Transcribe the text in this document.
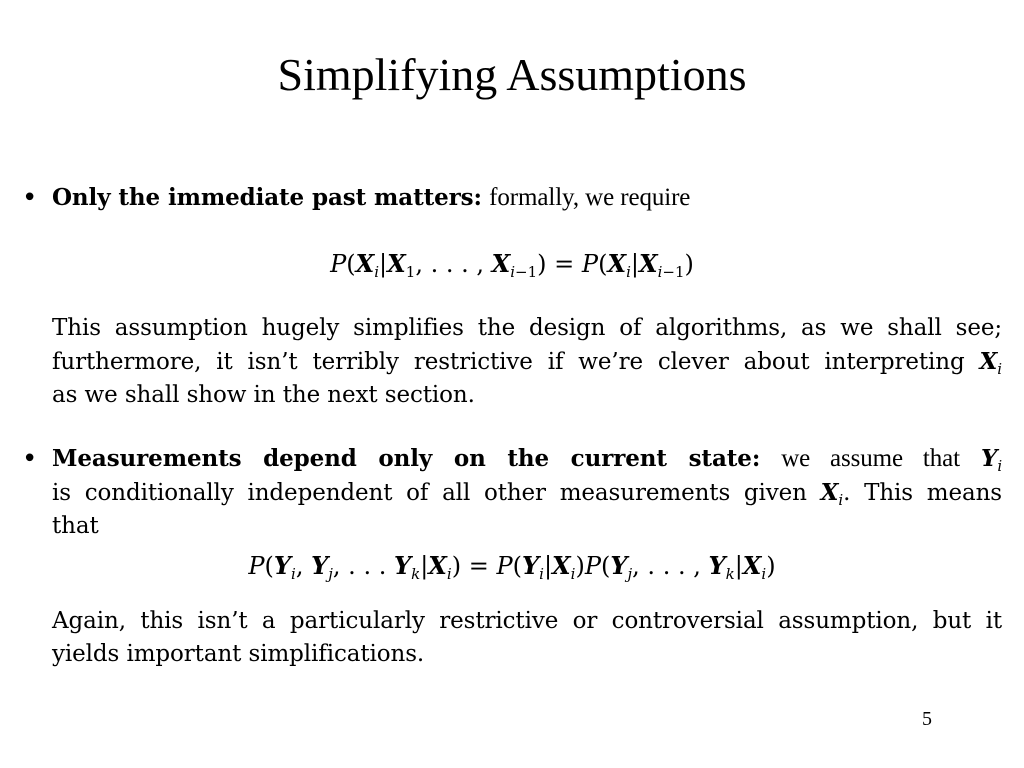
Simplifying Assumptions
• Only the immediate past matters: formally, we require
$P(X_i|X_1$, . . . , $X_{i-1}) = P(X_i|X_{i-1})$
This assumption hugely simplifies the design of algorithms, as we shall see;
furthermore, it isn’t terribly restrictive if we’re clever about interpreting $X_i$
as we shall show in the next section.
• Measurements depend only on the current state: we assume that $Y_i$
is conditionally independent of all other measurements given $X_i$. This means
that
$P(Y_i$, $Y_j$, . . . $Y_k|X_i) = P(Y_i|X_i)P(Y_j$, . . . , $Y_k|X_i$)
Again, this isn’t a particularly restrictive or controversial assumption, but it
yields important simplifications.
5
